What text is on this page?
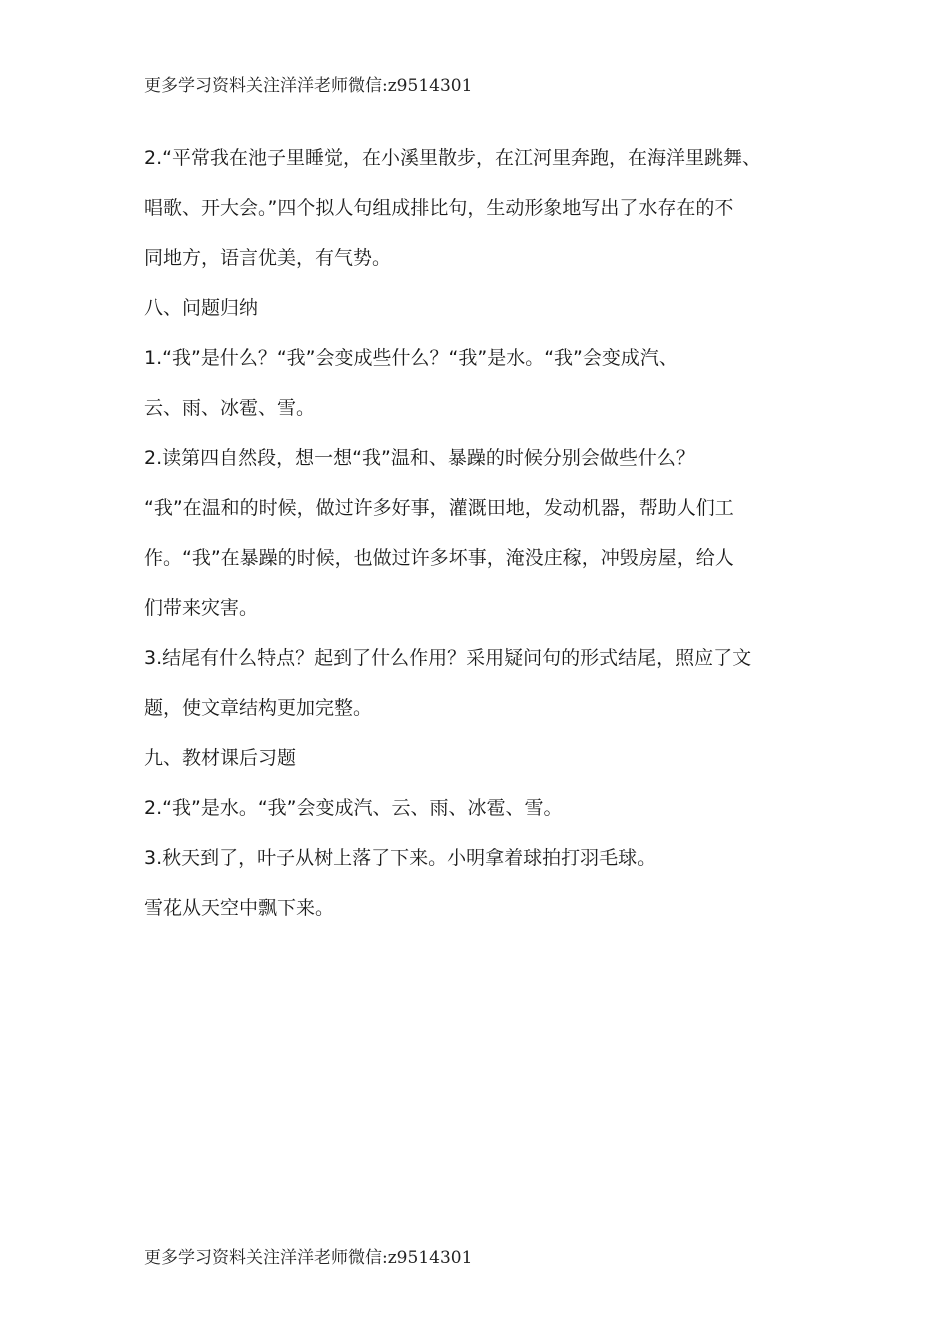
更多学习资料关注洋洋老师微信:z9514301
2.“平常我在池子里睡觉，在小溪里散步，在江河里奔跑，在海洋里跳舞、
唱歌、开大会。”四个拟人句组成排比句，生动形象地写出了水存在的不
同地方，语言优美，有气势。
八、问题归纳
1.“我”是什么？“我”会变成些什么？“我”是水。“我”会变成汽、
云、雨、冰雹、雪。
2.读第四自然段，想一想“我”温和、暴躁的时候分别会做些什么？
“我”在温和的时候，做过许多好事，灌溉田地，发动机器，帮助人们工
作。“我”在暴躁的时候，也做过许多坏事，淹没庄稼，冲毁房屋，给人
们带来灾害。
3.结尾有什么特点？起到了什么作用？采用疑问句的形式结尾，照应了文
题，使文章结构更加完整。
九、教材课后习题
2.“我”是水。“我”会变成汽、云、雨、冰雹、雪。
3.秋天到了，叶子从树上落了下来。小明拿着球拍打羽毛球。
雪花从天空中飘下来。
更多学习资料关注洋洋老师微信:z9514301
